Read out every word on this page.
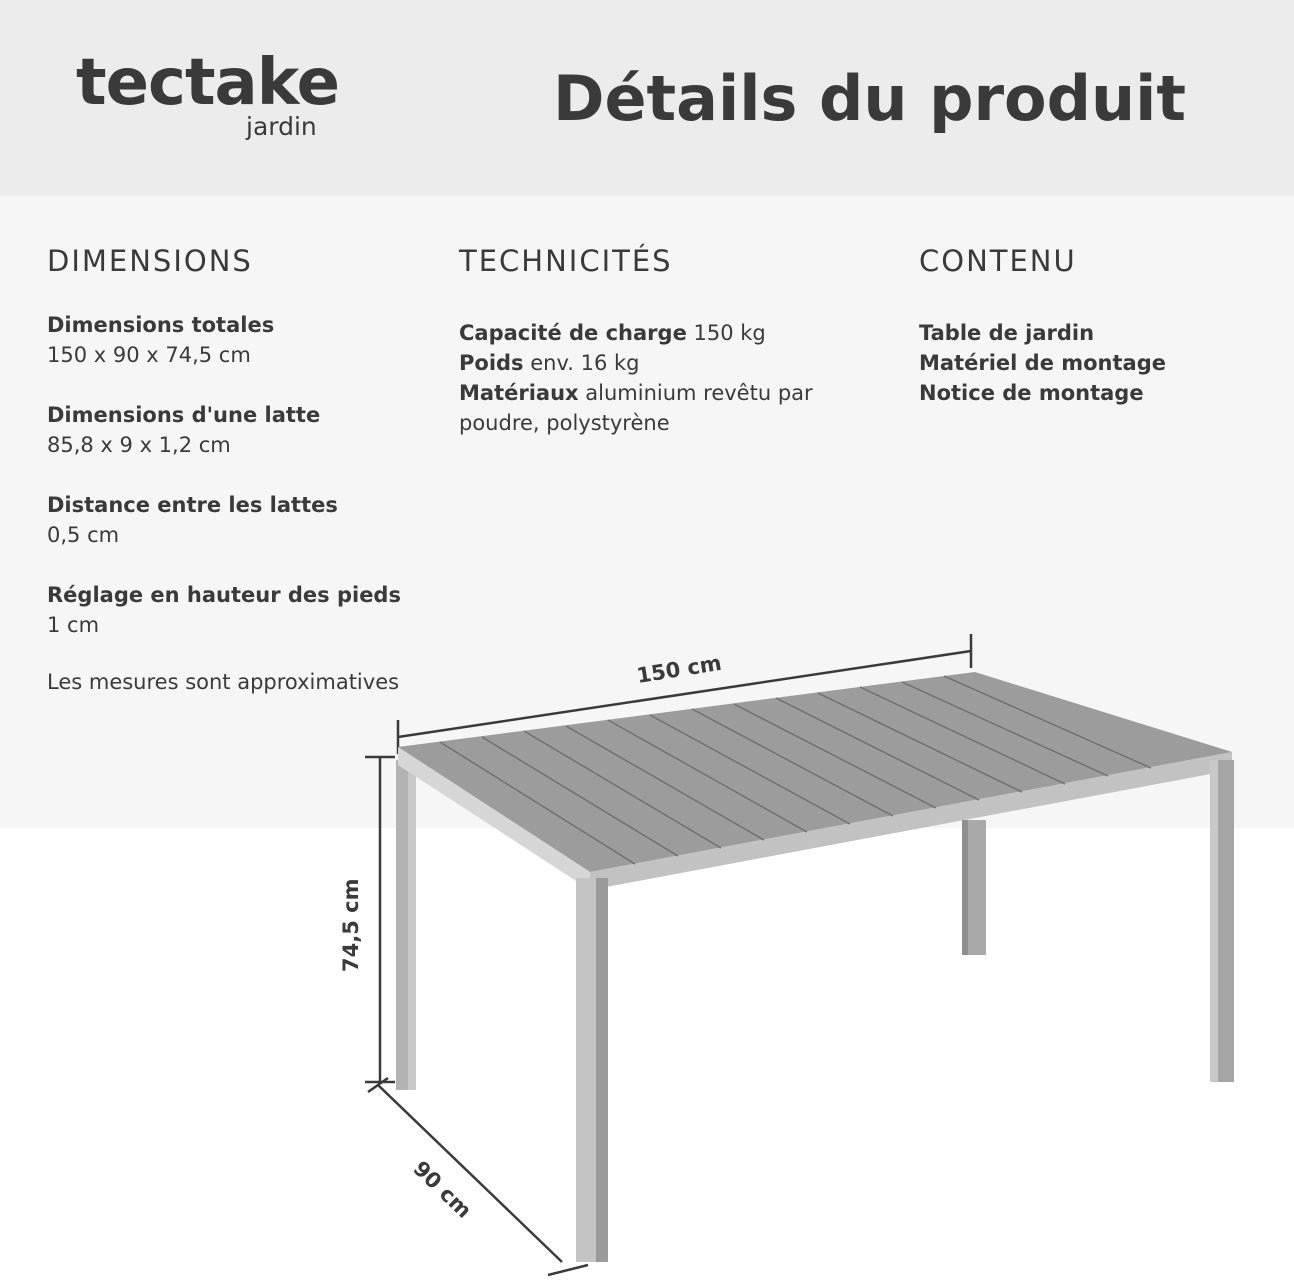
tectake
jardin	Détails du produit
DIMENSIONS	TECHNICITÉS	CONTENU
Dimensions totales
150 x 90 x 74,5 cm
Dimensions d'une latte
85,8 x 9 x 1,2 cm
Distance entre les lattes
0,5 cm
Réglage en hauteur des pieds
1 cm
Les mesures sont approximatives
Capacité de charge 150 kg
Poids env. 16 kg
Matériaux aluminium revêtu par poudre, polystyrène
Table de jardin
Matériel de montage
Notice de montage
150 cm
74,5 cm
90 cm
